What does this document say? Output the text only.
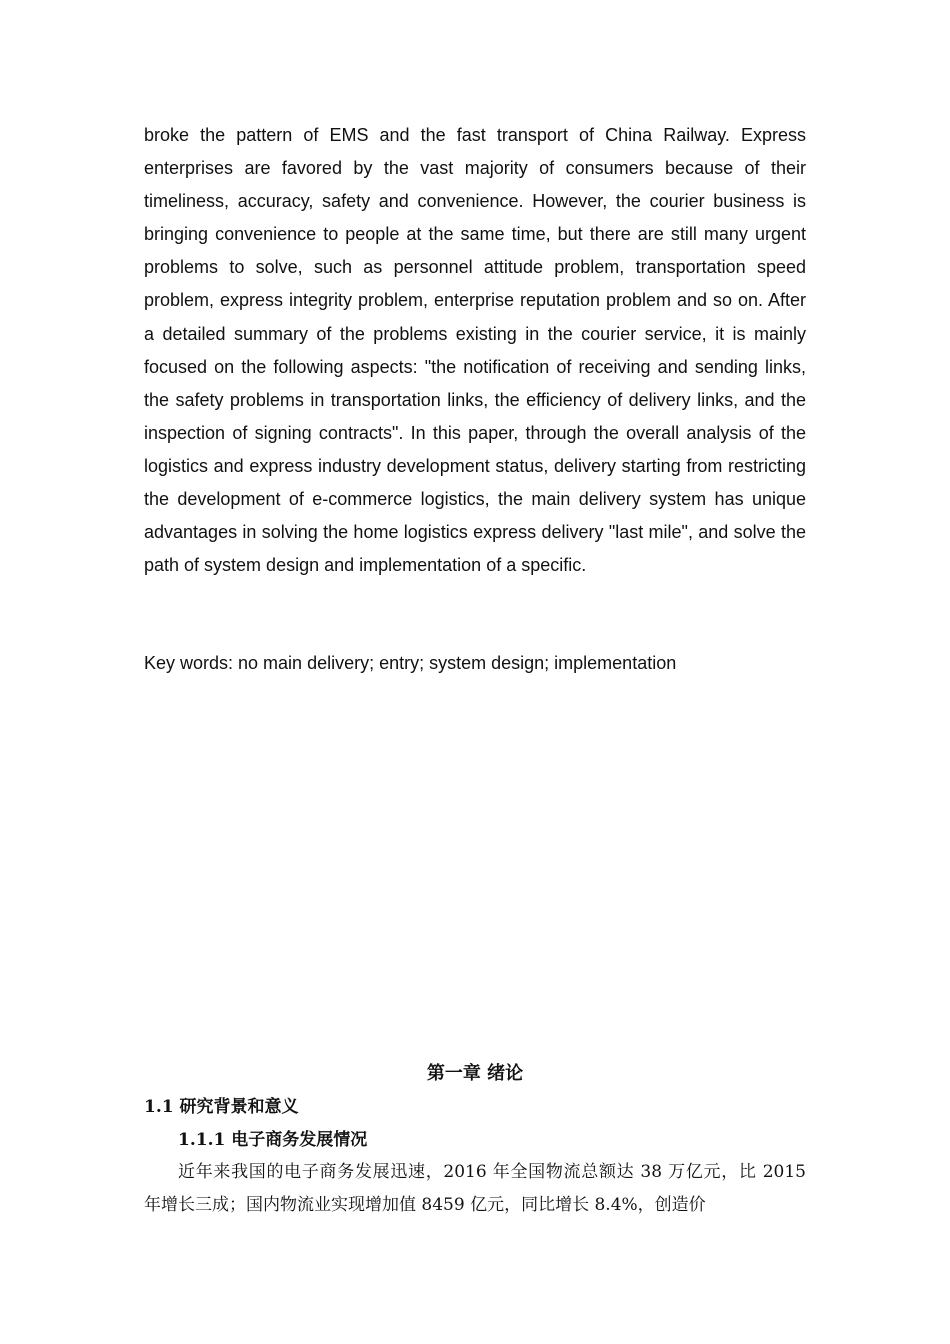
broke the pattern of EMS and the fast transport of China Railway. Express enterprises are favored by the vast majority of consumers because of their timeliness, accuracy, safety and convenience. However, the courier business is bringing convenience to people at the same time, but there are still many urgent problems to solve, such as personnel attitude problem, transportation speed problem, express integrity problem, enterprise reputation problem and so on. After a detailed summary of the problems existing in the courier service, it is mainly focused on the following aspects: "the notification of receiving and sending links, the safety problems in transportation links, the efficiency of delivery links, and the inspection of signing contracts". In this paper, through the overall analysis of the logistics and express industry development status, delivery starting from restricting the development of e-commerce logistics, the main delivery system has unique advantages in solving the home logistics express delivery "last mile", and solve the path of system design and implementation of a specific.

Key words: no main delivery; entry; system design; implementation

第一章 绪论
1.1 研究背景和意义
1.1.1 电子商务发展情况

近年来我国的电子商务发展迅速，2016 年全国物流总额达 38 万亿元，比 2015 年增长三成；国内物流业实现增加值 8459 亿元，同比增长 8.4%，创造价
